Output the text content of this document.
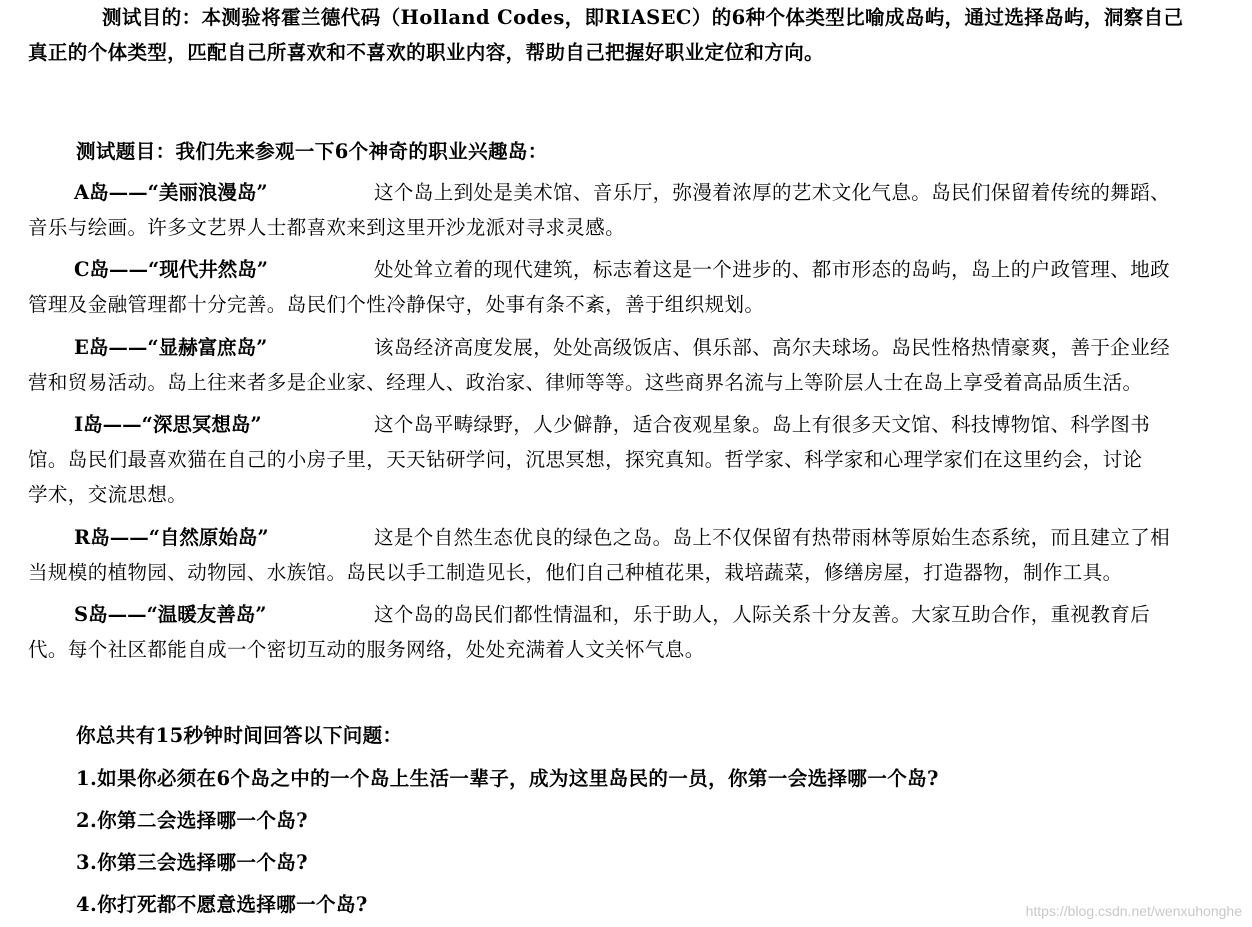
测试目的：本测验将霍兰德代码（Holland Codes，即RIASEC）的6种个体类型比喻成岛屿，通过选择岛屿，洞察自己
真正的个体类型，匹配自己所喜欢和不喜欢的职业内容，帮助自己把握好职业定位和方向。
测试题目：我们先来参观一下6个神奇的职业兴趣岛：
A岛——“美丽浪漫岛”	这个岛上到处是美术馆、音乐厅，弥漫着浓厚的艺术文化气息。岛民们保留着传统的舞蹈、
音乐与绘画。许多文艺界人士都喜欢来到这里开沙龙派对寻求灵感。
C岛——“现代井然岛”	处处耸立着的现代建筑，标志着这是一个进步的、都市形态的岛屿，岛上的户政管理、地政
管理及金融管理都十分完善。岛民们个性冷静保守，处事有条不紊，善于组织规划。
E岛——“显赫富庶岛”	该岛经济高度发展，处处高级饭店、俱乐部、高尔夫球场。岛民性格热情豪爽，善于企业经
营和贸易活动。岛上往来者多是企业家、经理人、政治家、律师等等。这些商界名流与上等阶层人士在岛上享受着高品质生活。
I岛——“深思冥想岛”	这个岛平畴绿野，人少僻静，适合夜观星象。岛上有很多天文馆、科技博物馆、科学图书
馆。岛民们最喜欢猫在自己的小房子里，天天钻研学问，沉思冥想，探究真知。哲学家、科学家和心理学家们在这里约会，讨论
学术，交流思想。
R岛——“自然原始岛”	这是个自然生态优良的绿色之岛。岛上不仅保留有热带雨林等原始生态系统，而且建立了相
当规模的植物园、动物园、水族馆。岛民以手工制造见长，他们自己种植花果，栽培蔬菜，修缮房屋，打造器物，制作工具。
S岛——“温暖友善岛”	这个岛的岛民们都性情温和，乐于助人，人际关系十分友善。大家互助合作，重视教育后
代。每个社区都能自成一个密切互动的服务网络，处处充满着人文关怀气息。
你总共有15秒钟时间回答以下问题：
1.如果你必须在6个岛之中的一个岛上生活一辈子，成为这里岛民的一员，你第一会选择哪一个岛?
2.你第二会选择哪一个岛?
3.你第三会选择哪一个岛?
4.你打死都不愿意选择哪一个岛?	https://blog.csdn.net/wenxuhonghe
